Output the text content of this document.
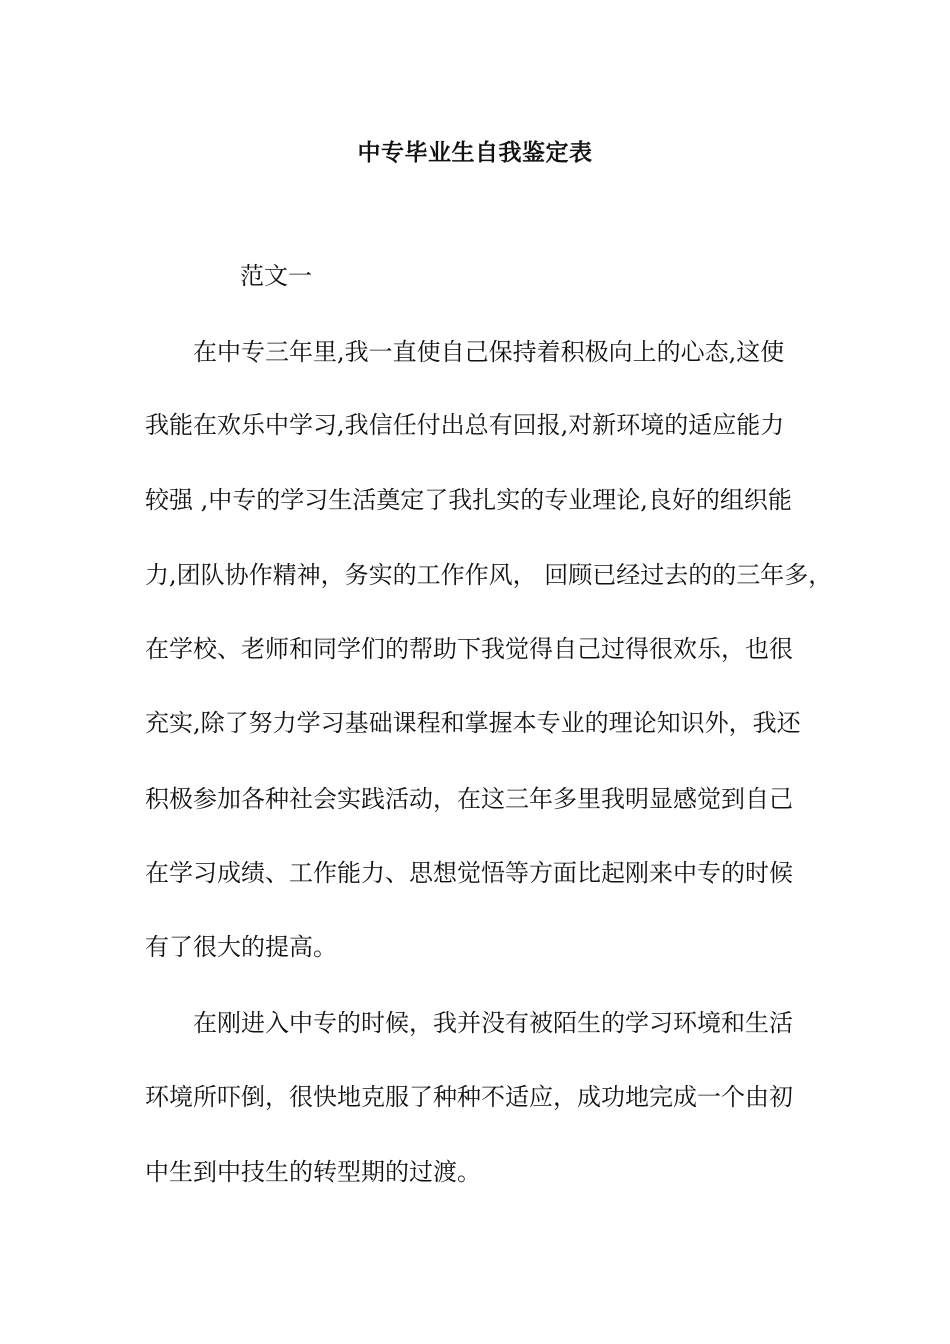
中专毕业生自我鉴定表
范文一
在中专三年里,我一直使自己保持着积极向上的心态,这使
我能在欢乐中学习,我信任付出总有回报,对新环境的适应能力
较强 ,中专的学习生活奠定了我扎实的专业理论,良好的组织能
力,团队协作精神，务实的工作作风， 回顾已经过去的的三年多，
在学校、老师和同学们的帮助下我觉得自己过得很欢乐，也很
充实,除了努力学习基础课程和掌握本专业的理论知识外，我还
积极参加各种社会实践活动，在这三年多里我明显感觉到自己
在学习成绩、工作能力、思想觉悟等方面比起刚来中专的时候
有了很大的提高。
在刚进入中专的时候，我并没有被陌生的学习环境和生活
环境所吓倒，很快地克服了种种不适应，成功地完成一个由初
中生到中技生的转型期的过渡。
